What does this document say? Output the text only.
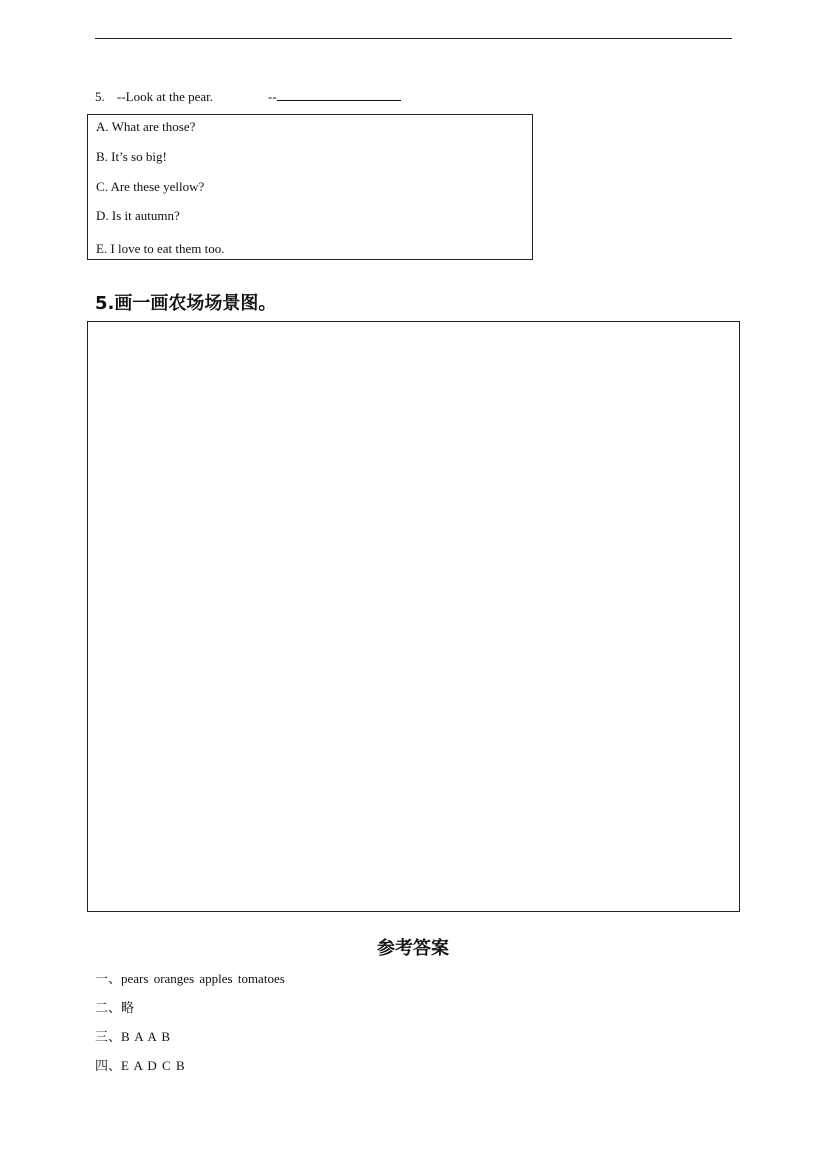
5. --Look at the pear.	--
A. What are those?
B. It’s so big!
C. Are these yellow?
D. Is it autumn?
E. I love to eat them too.
5.画一画农场场景图。
参考答案
一、pears oranges apples tomatoes
二、略
三、B A A B
四、E A D C B
